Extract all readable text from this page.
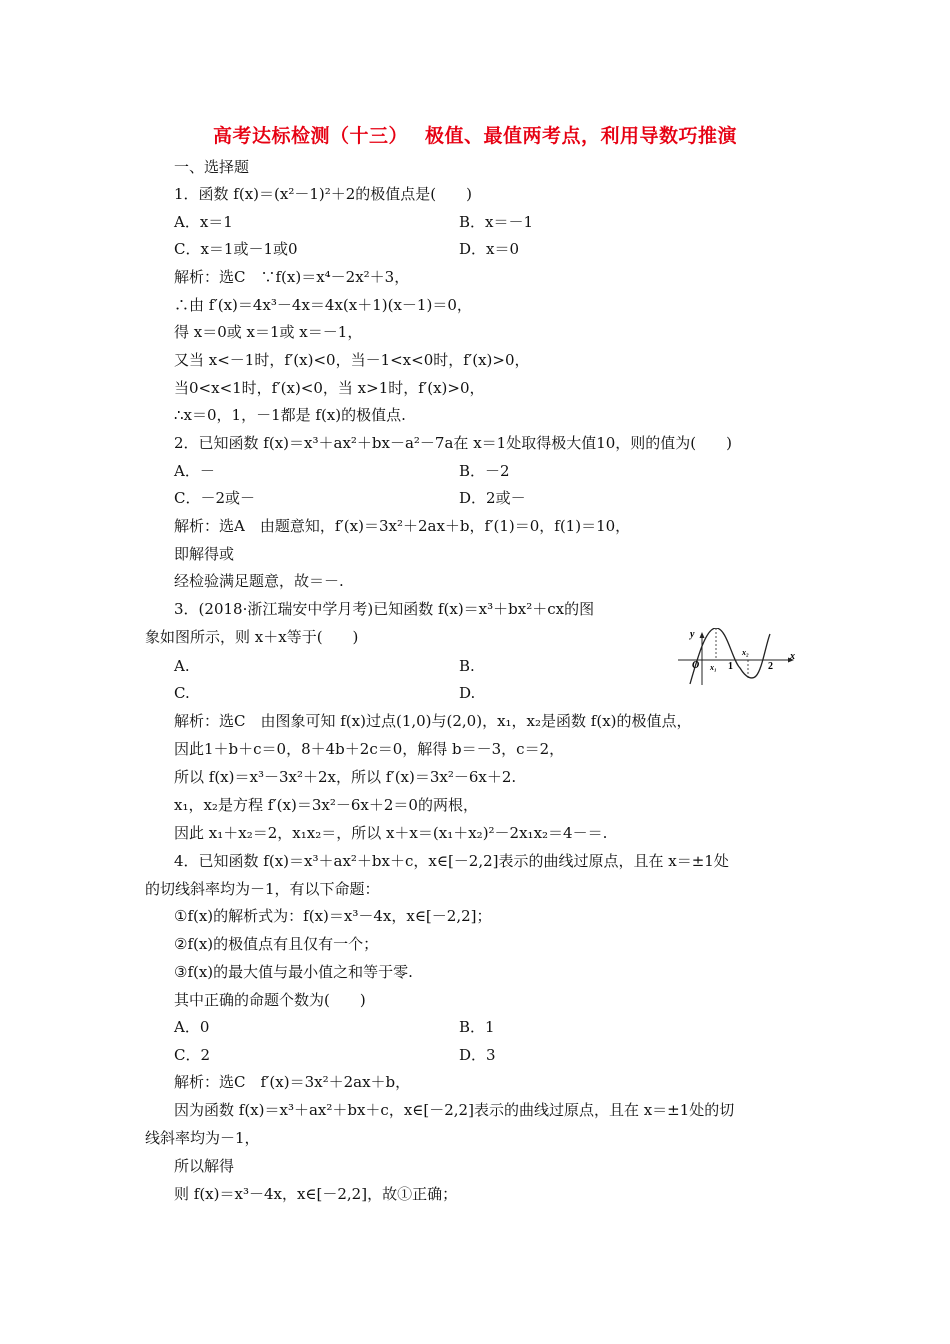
高考达标检测（十三）　 极值、最值两考点，利用导数巧推演
一、选择题
1．函数 f(x)＝(x²－1)²＋2的极值点是(　　)
A．x＝1	B．x＝－1
C．x＝1或－1或0	D．x＝0
解析：选C　∵f(x)＝x⁴－2x²＋3，
∴由 f′(x)＝4x³－4x＝4x(x＋1)(x－1)＝0，
得 x＝0或 x＝1或 x＝－1，
又当 x<－1时，f′(x)<0，当－1<x<0时，f′(x)>0，
当0<x<1时，f′(x)<0，当 x>1时，f′(x)>0，
∴x＝0，1，－1都是 f(x)的极值点.
2．已知函数 f(x)＝x³＋ax²＋bx－a²－7a在 x＝1处取得极大值10，则的值为(　　)
A．－	B．－2
C．－2或－	D．2或－
解析：选A　由题意知，f′(x)＝3x²＋2ax＋b，f′(1)＝0，f(1)＝10，
即解得或
经检验满足题意，故＝－.
3．(2018·浙江瑞安中学月考)已知函数 f(x)＝x³＋bx²＋cx的图
象如图所示，则 x＋x等于(　　)
A.	B.
C.	D.
y
x
O x₁ 1
x₂
2
解析：选C　由图象可知 f(x)过点(1,0)与(2,0)，x₁，x₂是函数 f(x)的极值点，
因此1＋b＋c＝0，8＋4b＋2c＝0，解得 b＝－3，c＝2，
所以 f(x)＝x³－3x²＋2x，所以 f′(x)＝3x²－6x＋2.
x₁，x₂是方程 f′(x)＝3x²－6x＋2＝0的两根，
因此 x₁＋x₂＝2，x₁x₂＝，所以 x＋x＝(x₁＋x₂)²－2x₁x₂＝4－＝.
4．已知函数 f(x)＝x³＋ax²＋bx＋c，x∈[－2,2]表示的曲线过原点，且在 x＝±1处
的切线斜率均为－1，有以下命题：
①f(x)的解析式为：f(x)＝x³－4x，x∈[－2,2]；
②f(x)的极值点有且仅有一个；
③f(x)的最大值与最小值之和等于零.
其中正确的命题个数为(　　)
A．0	B．1
C．2	D．3
解析：选C　f′(x)＝3x²＋2ax＋b，
因为函数 f(x)＝x³＋ax²＋bx＋c，x∈[－2,2]表示的曲线过原点，且在 x＝±1处的切
线斜率均为－1，
所以解得
则 f(x)＝x³－4x，x∈[－2,2]，故①正确；
